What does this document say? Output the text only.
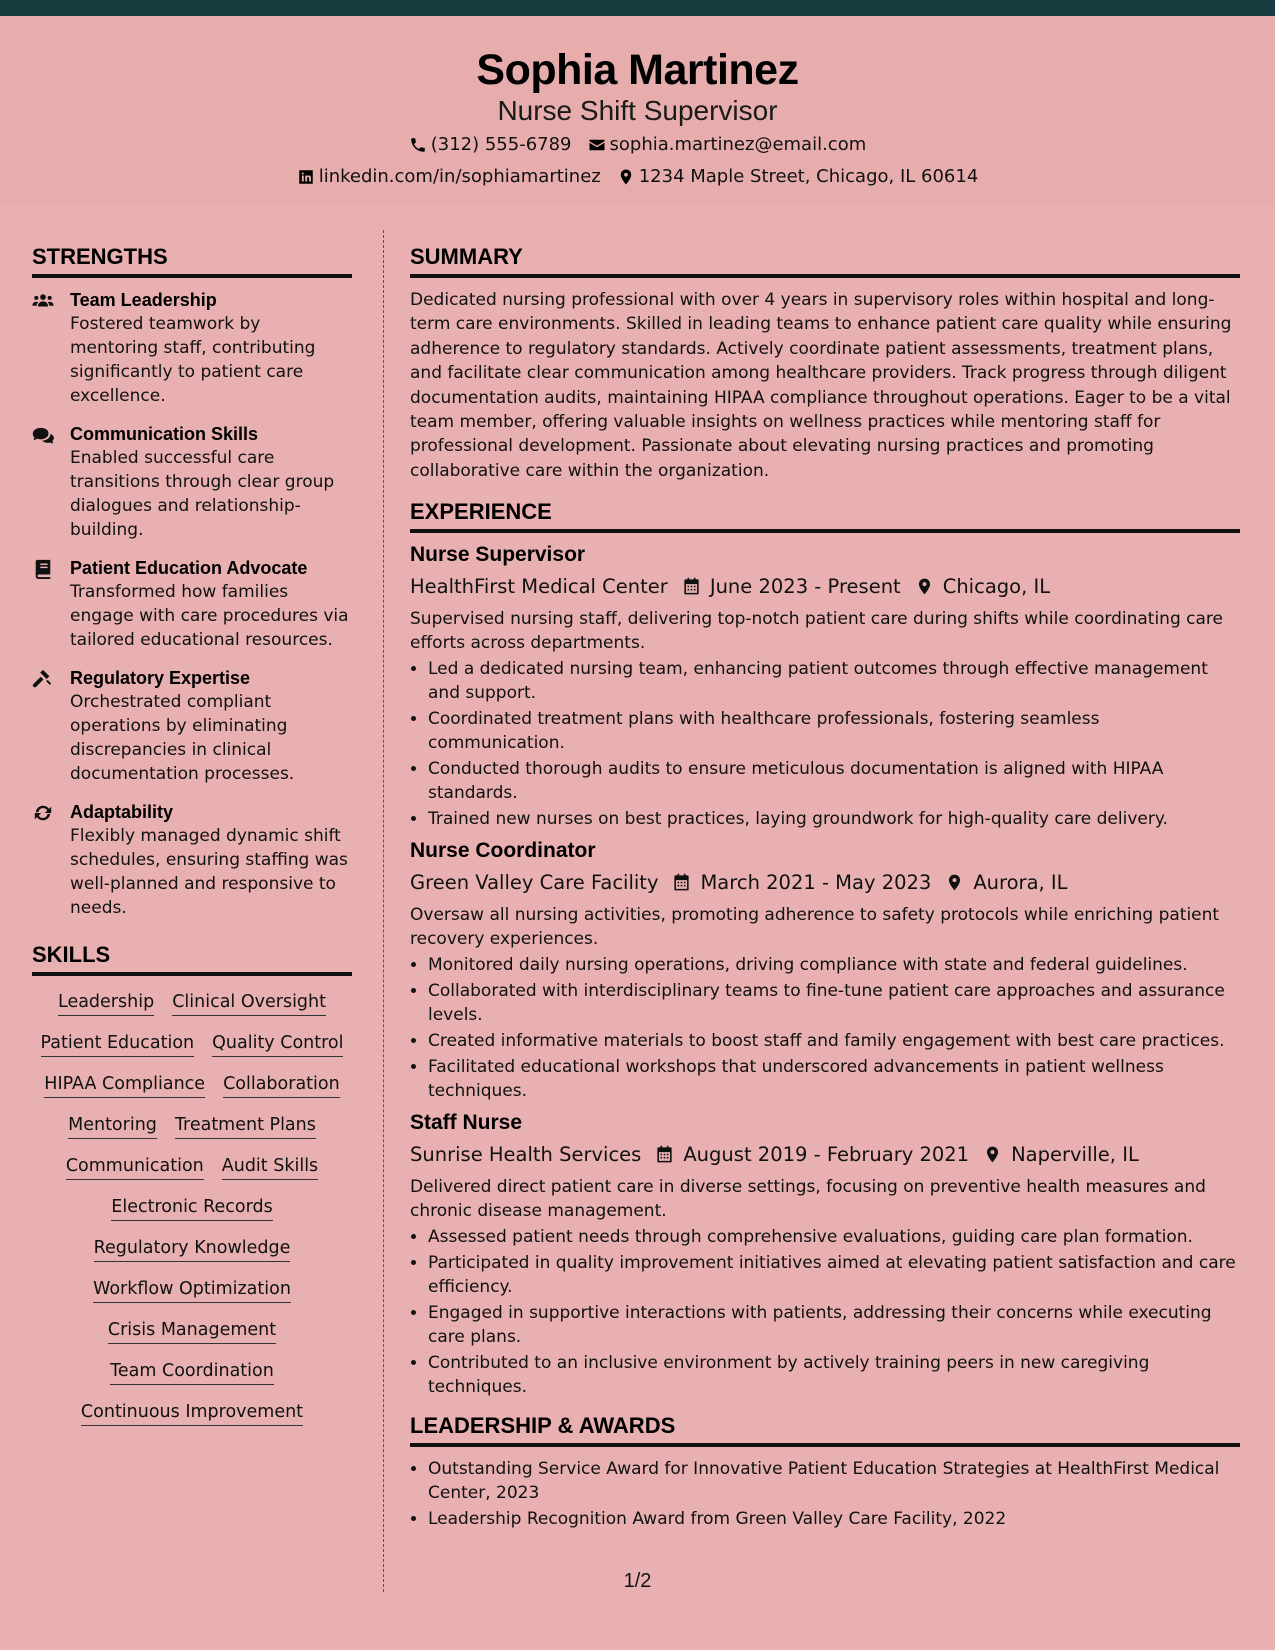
Sophia Martinez
Nurse Shift Supervisor
(312) 555-6789 sophia.martinez@email.com
linkedin.com/in/sophiamartinez 1234 Maple Street, Chicago, IL 60614
STRENGTHS
Team Leadership
Fostered teamwork by mentoring staff, contributing significantly to patient care excellence.
Communication Skills
Enabled successful care transitions through clear group dialogues and relationship-building.
Patient Education Advocate
Transformed how families engage with care procedures via tailored educational resources.
Regulatory Expertise
Orchestrated compliant operations by eliminating discrepancies in clinical documentation processes.
Adaptability
Flexibly managed dynamic shift schedules, ensuring staffing was well-planned and responsive to needs.
SKILLS
Leadership Clinical Oversight
Patient Education Quality Control
HIPAA Compliance Collaboration
Mentoring Treatment Plans
Communication Audit Skills
Electronic Records
Regulatory Knowledge
Workflow Optimization
Crisis Management
Team Coordination
Continuous Improvement
SUMMARY
Dedicated nursing professional with over 4 years in supervisory roles within hospital and long-term care environments. Skilled in leading teams to enhance patient care quality while ensuring adherence to regulatory standards. Actively coordinate patient assessments, treatment plans, and facilitate clear communication among healthcare providers. Track progress through diligent documentation audits, maintaining HIPAA compliance throughout operations. Eager to be a vital team member, offering valuable insights on wellness practices while mentoring staff for professional development. Passionate about elevating nursing practices and promoting collaborative care within the organization.
EXPERIENCE
Nurse Supervisor
HealthFirst Medical Center June 2023 - Present Chicago, IL
Supervised nursing staff, delivering top-notch patient care during shifts while coordinating care efforts across departments.
• Led a dedicated nursing team, enhancing patient outcomes through effective management and support.
• Coordinated treatment plans with healthcare professionals, fostering seamless communication.
• Conducted thorough audits to ensure meticulous documentation is aligned with HIPAA standards.
• Trained new nurses on best practices, laying groundwork for high-quality care delivery.
Nurse Coordinator
Green Valley Care Facility March 2021 - May 2023 Aurora, IL
Oversaw all nursing activities, promoting adherence to safety protocols while enriching patient recovery experiences.
• Monitored daily nursing operations, driving compliance with state and federal guidelines.
• Collaborated with interdisciplinary teams to fine-tune patient care approaches and assurance levels.
• Created informative materials to boost staff and family engagement with best care practices.
• Facilitated educational workshops that underscored advancements in patient wellness techniques.
Staff Nurse
Sunrise Health Services August 2019 - February 2021 Naperville, IL
Delivered direct patient care in diverse settings, focusing on preventive health measures and chronic disease management.
• Assessed patient needs through comprehensive evaluations, guiding care plan formation.
• Participated in quality improvement initiatives aimed at elevating patient satisfaction and care efficiency.
• Engaged in supportive interactions with patients, addressing their concerns while executing care plans.
• Contributed to an inclusive environment by actively training peers in new caregiving techniques.
LEADERSHIP & AWARDS
• Outstanding Service Award for Innovative Patient Education Strategies at HealthFirst Medical Center, 2023
• Leadership Recognition Award from Green Valley Care Facility, 2022
1/2
